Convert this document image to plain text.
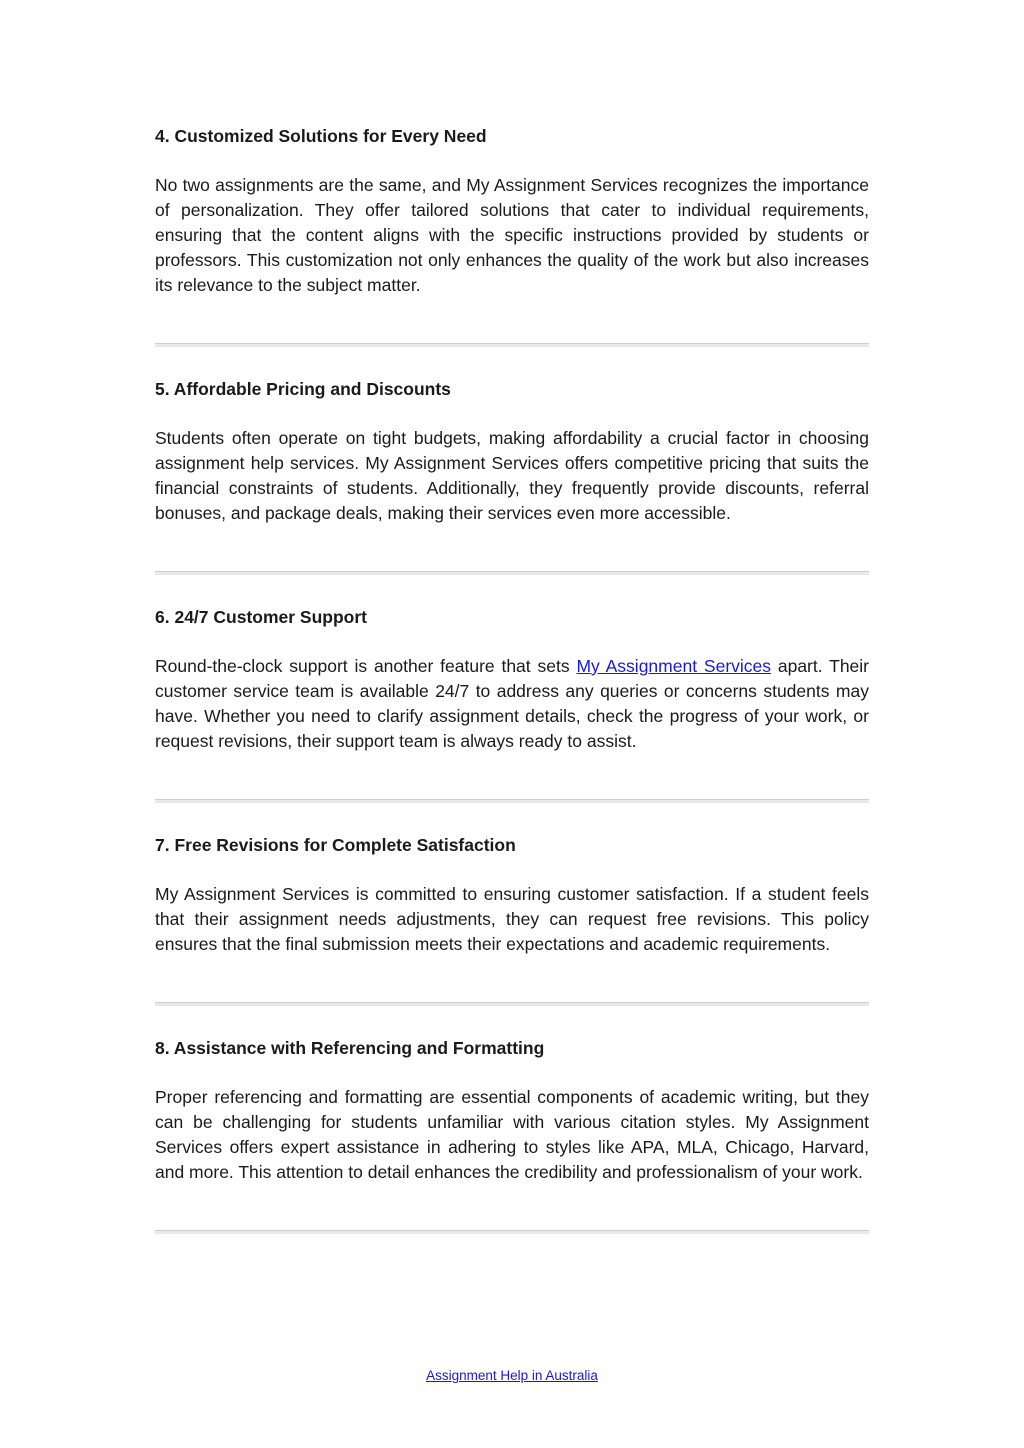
4. Customized Solutions for Every Need

No two assignments are the same, and My Assignment Services recognizes the importance of personalization. They offer tailored solutions that cater to individual requirements, ensuring that the content aligns with the specific instructions provided by students or professors. This customization not only enhances the quality of the work but also increases its relevance to the subject matter.

5. Affordable Pricing and Discounts

Students often operate on tight budgets, making affordability a crucial factor in choosing assignment help services. My Assignment Services offers competitive pricing that suits the financial constraints of students. Additionally, they frequently provide discounts, referral bonuses, and package deals, making their services even more accessible.

6. 24/7 Customer Support

Round-the-clock support is another feature that sets My Assignment Services apart. Their customer service team is available 24/7 to address any queries or concerns students may have. Whether you need to clarify assignment details, check the progress of your work, or request revisions, their support team is always ready to assist.

7. Free Revisions for Complete Satisfaction

My Assignment Services is committed to ensuring customer satisfaction. If a student feels that their assignment needs adjustments, they can request free revisions. This policy ensures that the final submission meets their expectations and academic requirements.

8. Assistance with Referencing and Formatting

Proper referencing and formatting are essential components of academic writing, but they can be challenging for students unfamiliar with various citation styles. My Assignment Services offers expert assistance in adhering to styles like APA, MLA, Chicago, Harvard, and more. This attention to detail enhances the credibility and professionalism of your work.

Assignment Help in Australia
